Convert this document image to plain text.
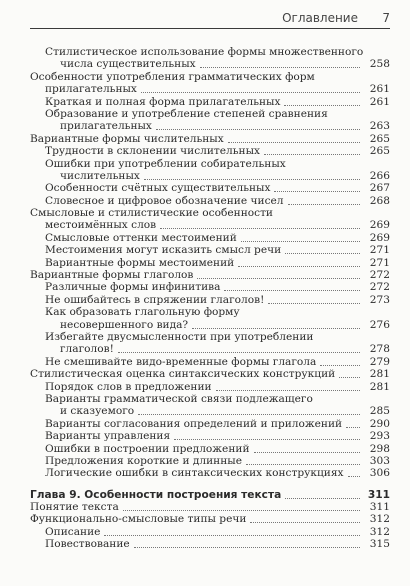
Оглавление 7
Стилистическое использование формы множественного
числа существительных	258
Особенности употребления грамматических форм
прилагательных	261
Краткая и полная форма прилагательных	261
Образование и употребление степеней сравнения
прилагательных	263
Вариантные формы числительных	265
Трудности в склонении числительных	265
Ошибки при употреблении собирательных
числительных	266
Особенности счётных существительных	267
Словесное и цифровое обозначение чисел	268
Смысловые и стилистические особенности
местоимённых слов	269
Смысловые оттенки местоимений	269
Местоимения могут исказить смысл речи	271
Вариантные формы местоимений	271
Вариантные формы глаголов	272
Различные формы инфинитива	272
Не ошибайтесь в спряжении глаголов!	273
Как образовать глагольную форму
несовершенного вида?	276
Избегайте двусмысленности при употреблении
глаголов!	278
Не смешивайте видо-временные формы глагола	279
Стилистическая оценка синтаксических конструкций	281
Порядок слов в предложении	281
Варианты грамматической связи подлежащего
и сказуемого	285
Варианты согласования определений и приложений	290
Варианты управления	293
Ошибки в построении предложений	298
Предложения короткие и длинные	303
Логические ошибки в синтаксических конструкциях	306
Глава 9. Особенности построения текста	311
Понятие текста	311
Функционально-смысловые типы речи	312
Описание	312
Повествование	315
